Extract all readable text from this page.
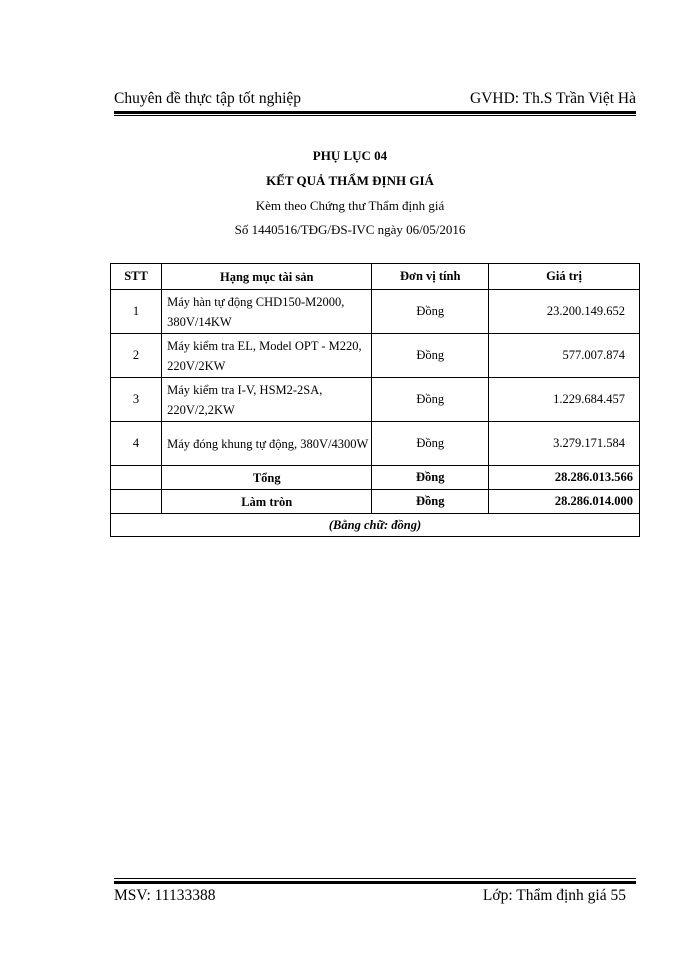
Chuyên đề thực tập tốt nghiệp	GVHD: Th.S Trần Việt Hà
PHỤ LỤC 04
KẾT QUẢ THẨM ĐỊNH GIÁ
Kèm theo Chứng thư Thẩm định giá
Số 1440516/TĐG/ĐS-IVC ngày 06/05/2016
STT	Hạng mục tài sản	Đơn vị tính	Giá trị
1	Máy hàn tự động CHD150-M2000, 380V/14KW	Đồng	23.200.149.652
2	Máy kiểm tra EL, Model OPT - M220, 220V/2KW	Đồng	577.007.874
3	Máy kiểm tra I-V, HSM2-2SA, 220V/2,2KW	Đồng	1.229.684.457
4	Máy đóng khung tự động, 380V/4300W	Đồng	3.279.171.584
	Tổng	Đồng	28.286.013.566
	Làm tròn	Đồng	28.286.014.000
(Bằng chữ: đồng)			
MSV: 11133388	Lớp: Thẩm định giá 55
